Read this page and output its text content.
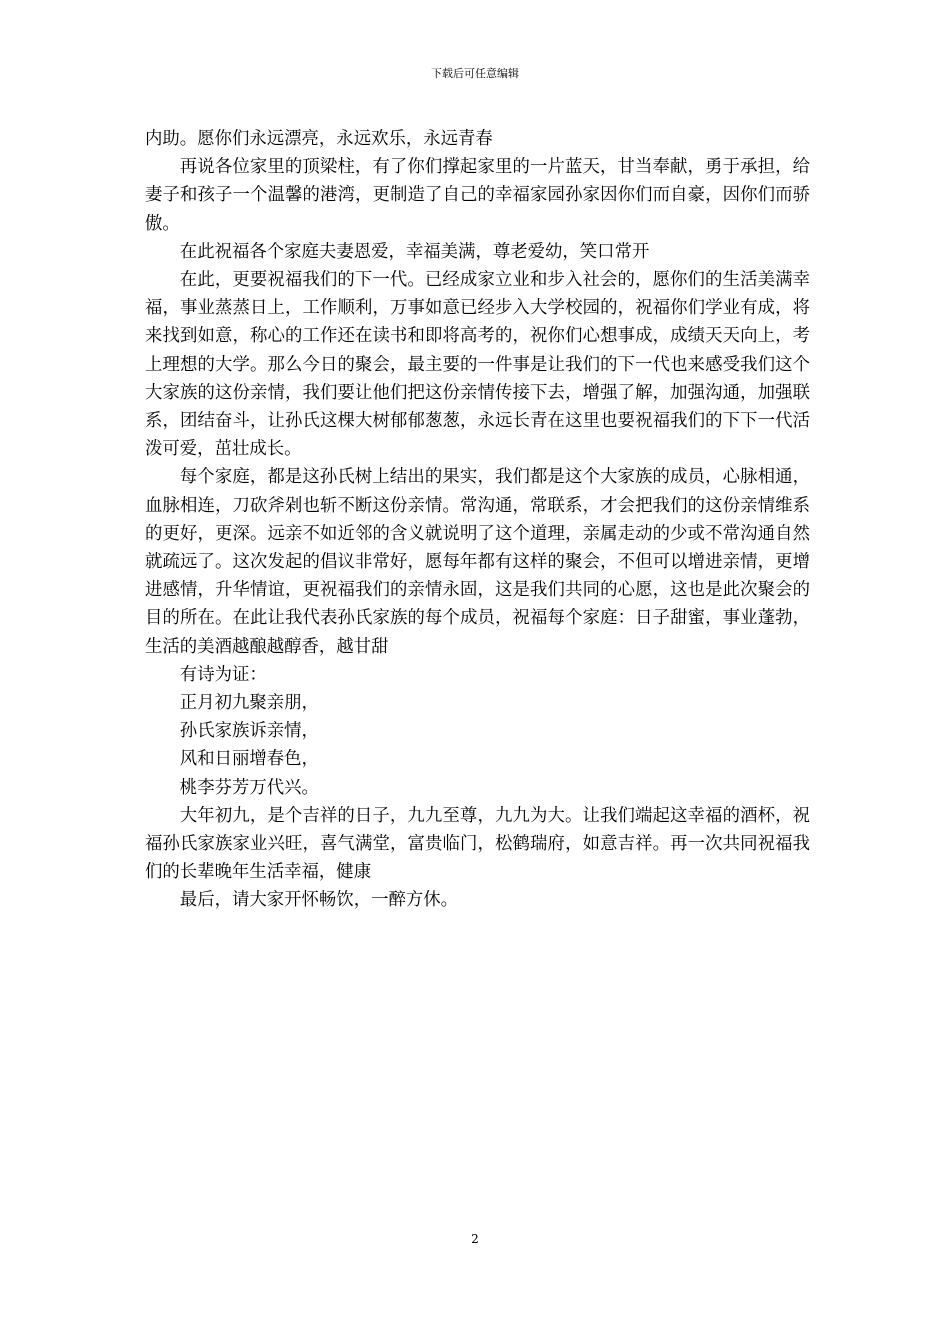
下载后可任意编辑

内助。愿你们永远漂亮，永远欢乐，永远青春

再说各位家里的顶梁柱，有了你们撑起家里的一片蓝天，甘当奉献，勇于承担，给妻子和孩子一个温馨的港湾，更制造了自己的幸福家园孙家因你们而自豪，因你们而骄傲。

在此祝福各个家庭夫妻恩爱，幸福美满，尊老爱幼，笑口常开

在此，更要祝福我们的下一代。已经成家立业和步入社会的，愿你们的生活美满幸福，事业蒸蒸日上，工作顺利，万事如意已经步入大学校园的，祝福你们学业有成，将来找到如意，称心的工作还在读书和即将高考的，祝你们心想事成，成绩天天向上，考上理想的大学。那么今日的聚会，最主要的一件事是让我们的下一代也来感受我们这个大家族的这份亲情，我们要让他们把这份亲情传接下去，增强了解，加强沟通，加强联系，团结奋斗，让孙氏这棵大树郁郁葱葱，永远长青在这里也要祝福我们的下下一代活泼可爱，茁壮成长。

每个家庭，都是这孙氏树上结出的果实，我们都是这个大家族的成员，心脉相通，血脉相连，刀砍斧剁也斩不断这份亲情。常沟通，常联系，才会把我们的这份亲情维系的更好，更深。远亲不如近邻的含义就说明了这个道理，亲属走动的少或不常沟通自然就疏远了。这次发起的倡议非常好，愿每年都有这样的聚会，不但可以增进亲情，更增进感情，升华情谊，更祝福我们的亲情永固，这是我们共同的心愿，这也是此次聚会的目的所在。在此让我代表孙氏家族的每个成员，祝福每个家庭：日子甜蜜，事业蓬勃，生活的美酒越酿越醇香，越甘甜

有诗为证：

正月初九聚亲朋，

孙氏家族诉亲情，

风和日丽增春色，

桃李芬芳万代兴。

大年初九，是个吉祥的日子，九九至尊，九九为大。让我们端起这幸福的酒杯，祝福孙氏家族家业兴旺，喜气满堂，富贵临门，松鹤瑞府，如意吉祥。再一次共同祝福我们的长辈晚年生活幸福，健康

最后，请大家开怀畅饮，一醉方休。

2
